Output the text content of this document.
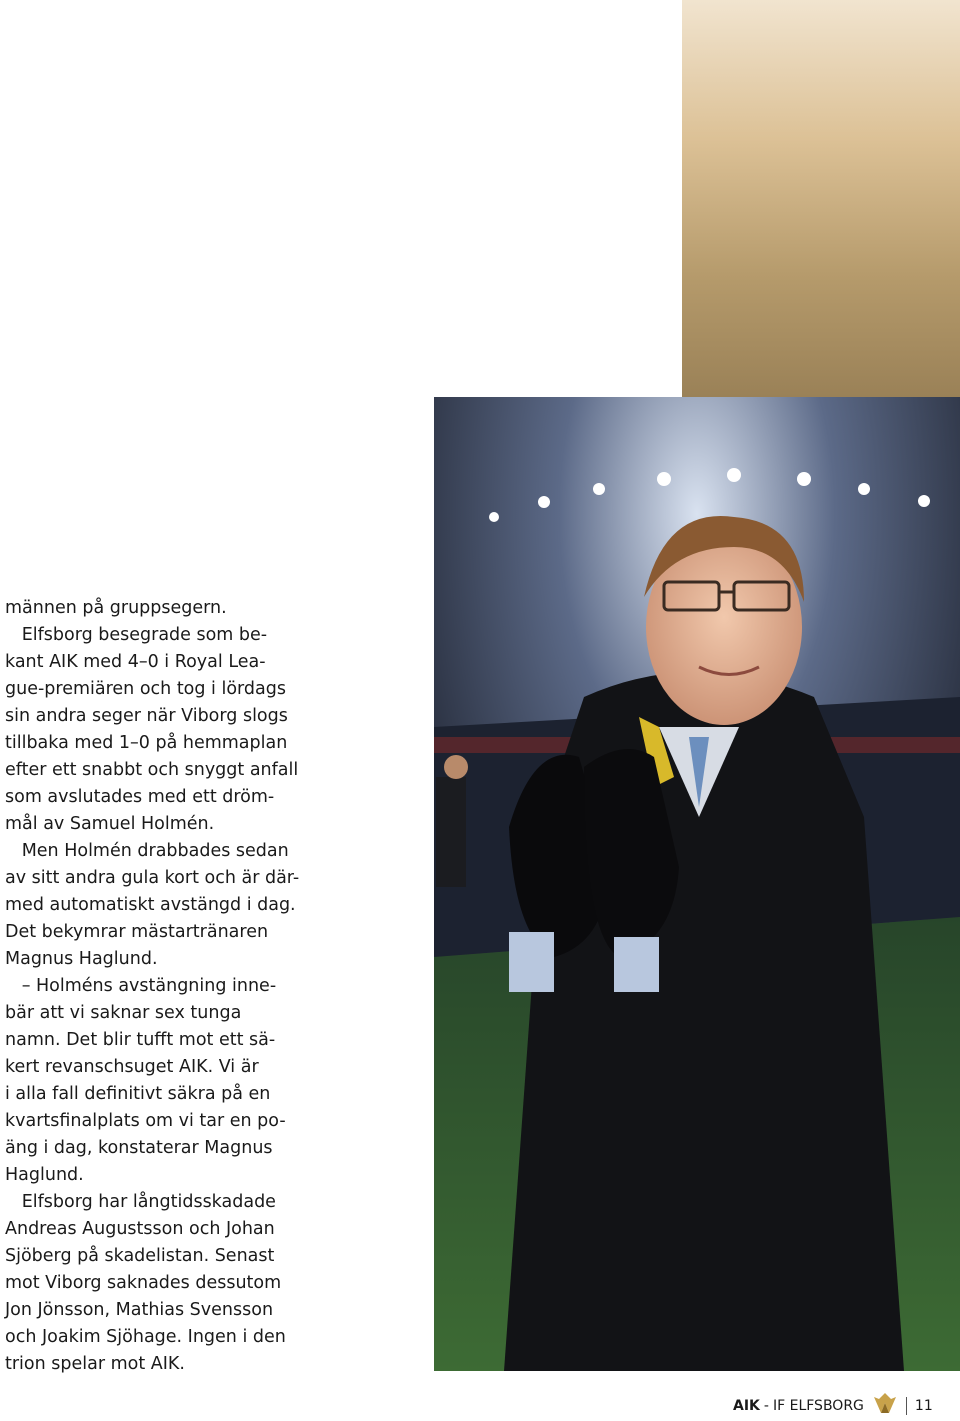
männen på gruppsegern.
Elfsborg besegrade som be-
kant AIK med 4–0 i Royal Lea-
gue-premiären och tog i lördags
sin andra seger när Viborg slogs
tillbaka med 1–0 på hemmaplan
efter ett snabbt och snyggt anfall
som avslutades med ett dröm-
mål av Samuel Holmén.
Men Holmén drabbades sedan
av sitt andra gula kort och är där-
med automatiskt avstängd i dag.
Det bekymrar mästartränaren
Magnus Haglund.
– Holméns avstängning inne-
bär att vi saknar sex tunga
namn. Det blir tufft mot ett sä-
kert revanschsuget AIK. Vi är
i alla fall definitivt säkra på en
kvartsfinalplats om vi tar en po-
äng i dag, konstaterar Magnus
Haglund.
Elfsborg har långtidsskadade
Andreas Augustsson och Johan
Sjöberg på skadelistan. Senast
mot Viborg saknades dessutom
Jon Jönsson, Mathias Svensson
och Joakim Sjöhage. Ingen i den
trion spelar mot AIK.
AIK - IF ELFSBORG	11
